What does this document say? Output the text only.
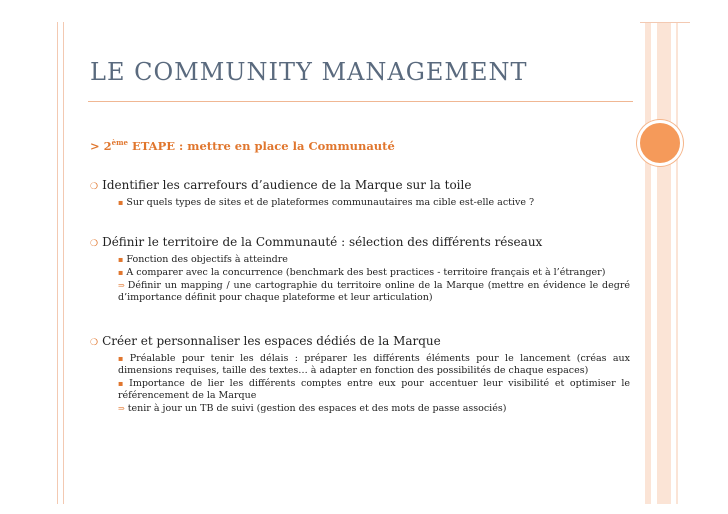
LE COMMUNITY MANAGEMENT
> 2ème ETAPE : mettre en place la Communauté
❍ Identifier les carrefours d’audience de la Marque sur la toile
▪ Sur quels types de sites et de plateformes communautaires ma cible est-elle active ?
❍ Définir le territoire de la Communauté : sélection des différents réseaux
▪ Fonction des objectifs à atteindre
▪ A comparer avec la concurrence (benchmark des best practices - territoire français et à l’étranger)
⇒ Définir un mapping / une cartographie du territoire online de la Marque (mettre en évidence le degré d’importance définit pour chaque plateforme et leur articulation)
❍ Créer et personnaliser les espaces dédiés de la Marque
▪ Préalable pour tenir les délais : préparer les différents éléments pour le lancement (créas aux dimensions requises, taille des textes… à adapter en fonction des possibilités de chaque espaces)
▪ Importance de lier les différents comptes entre eux pour accentuer leur visibilité et optimiser le référencement de la Marque
⇒ tenir à jour un TB de suivi (gestion des espaces et des mots de passe associés)
